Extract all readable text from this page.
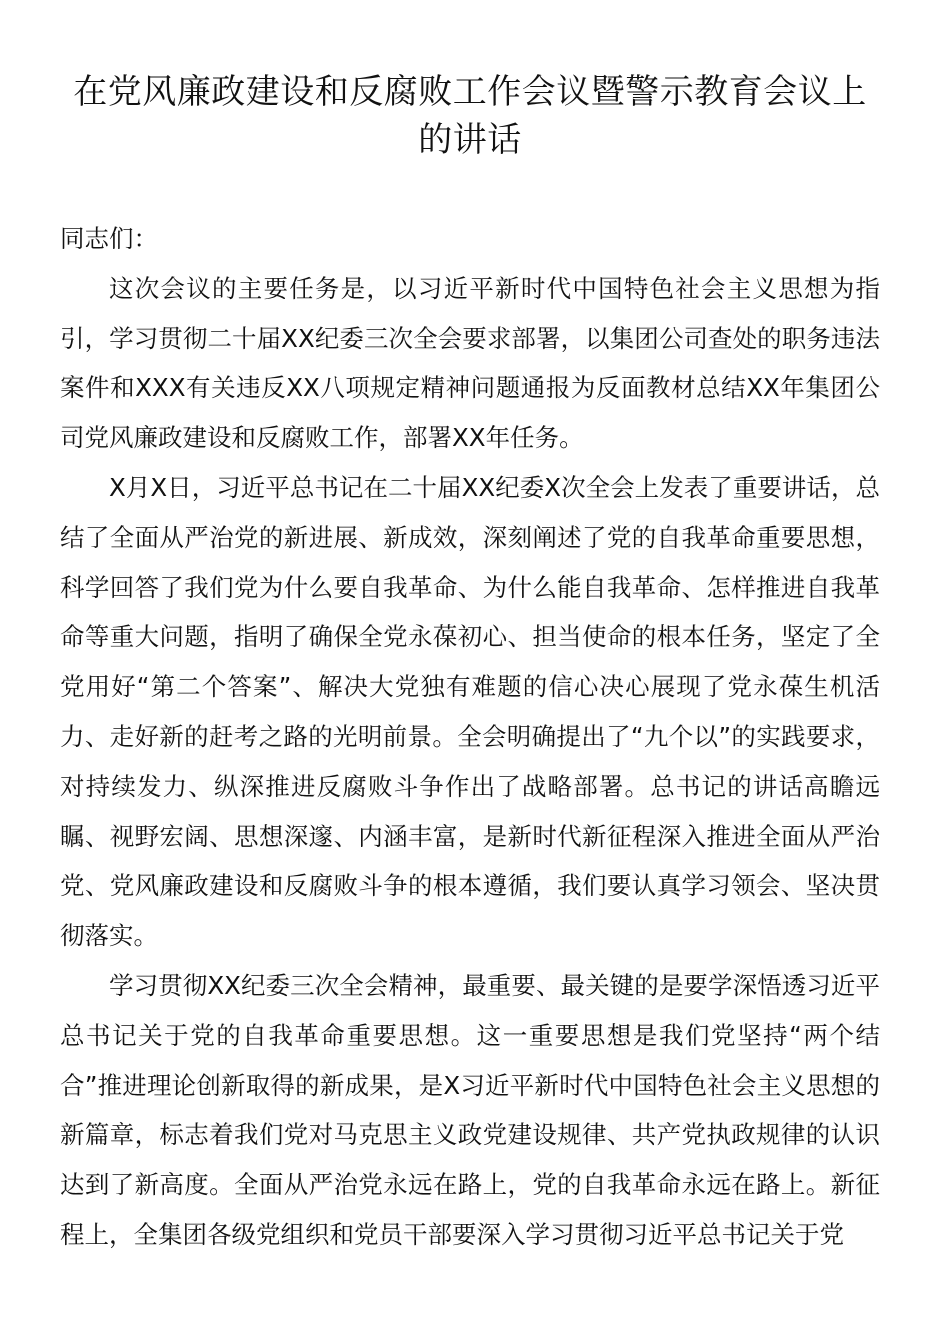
在党风廉政建设和反腐败工作会议暨警示教育会议上的讲话

同志们：

这次会议的主要任务是，以习近平新时代中国特色社会主义思想为指引，学习贯彻二十届XX纪委三次全会要求部署，以集团公司查处的职务违法案件和XXX有关违反XX八项规定精神问题通报为反面教材总结XX年集团公司党风廉政建设和反腐败工作，部署XX年任务。

X月X日，习近平总书记在二十届XX纪委X次全会上发表了重要讲话，总结了全面从严治党的新进展、新成效，深刻阐述了党的自我革命重要思想，科学回答了我们党为什么要自我革命、为什么能自我革命、怎样推进自我革命等重大问题，指明了确保全党永葆初心、担当使命的根本任务，坚定了全党用好“第二个答案”、解决大党独有难题的信心决心展现了党永葆生机活力、走好新的赶考之路的光明前景。全会明确提出了“九个以”的实践要求，对持续发力、纵深推进反腐败斗争作出了战略部署。总书记的讲话高瞻远瞩、视野宏阔、思想深邃、内涵丰富，是新时代新征程深入推进全面从严治党、党风廉政建设和反腐败斗争的根本遵循，我们要认真学习领会、坚决贯彻落实。

学习贯彻XX纪委三次全会精神，最重要、最关键的是要学深悟透习近平总书记关于党的自我革命重要思想。这一重要思想是我们党坚持“两个结合”推进理论创新取得的新成果，是X习近平新时代中国特色社会主义思想的新篇章，标志着我们党对马克思主义政党建设规律、共产党执政规律的认识达到了新高度。全面从严治党永远在路上，党的自我革命永远在路上。新征程上，全集团各级党组织和党员干部要深入学习贯彻习近平总书记关于党
